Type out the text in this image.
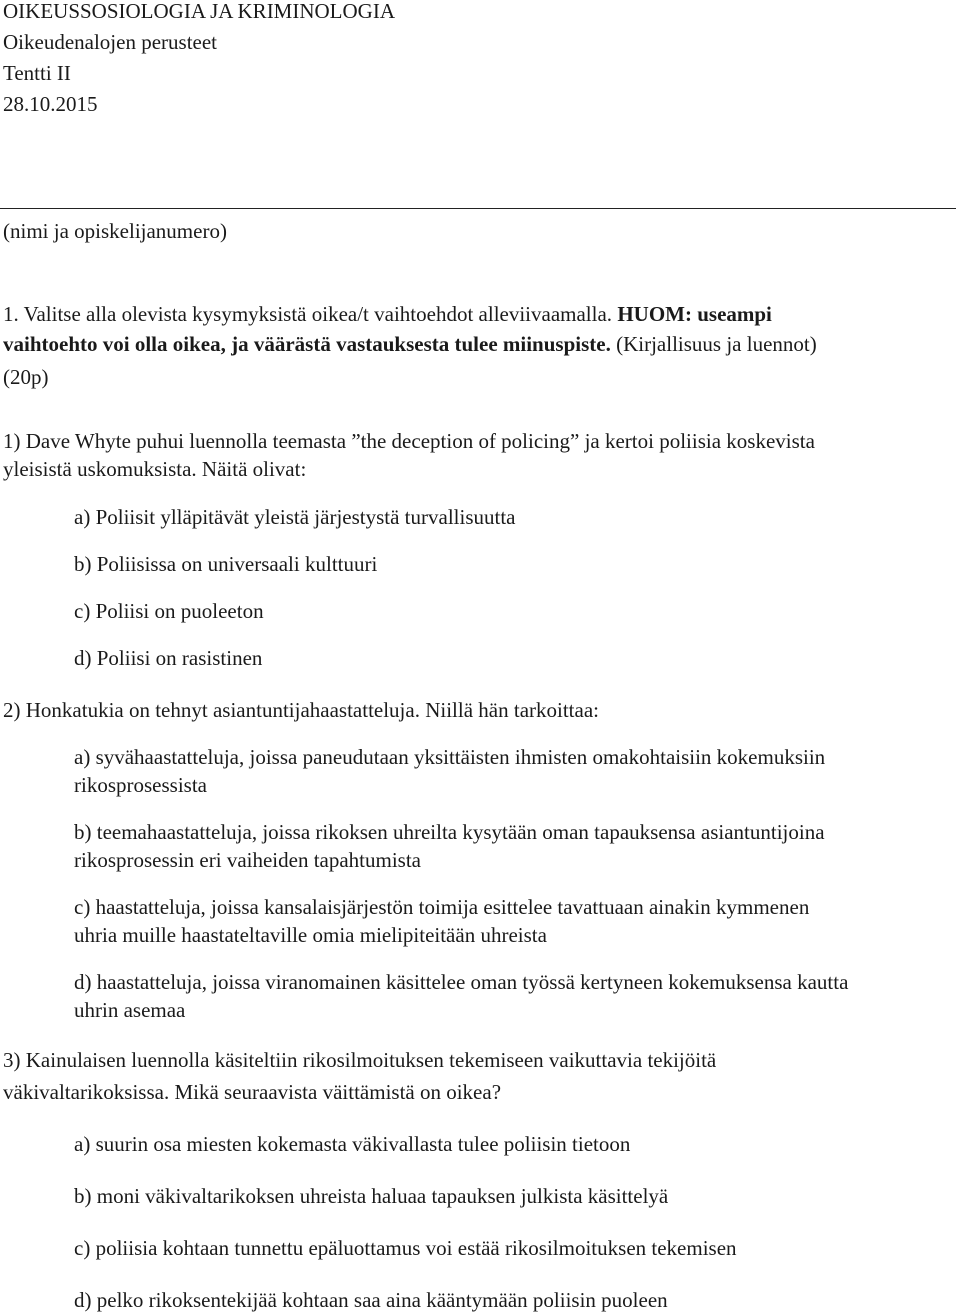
OIKEUSSOSIOLOGIA JA KRIMINOLOGIA
Oikeudenalojen perusteet
Tentti II
28.10.2015
(nimi ja opiskelijanumero)
1. Valitse alla olevista kysymyksistä oikea/t vaihtoehdot alleviivaamalla. HUOM: useampi
vaihtoehto voi olla oikea, ja väärästä vastauksesta tulee miinuspiste. (Kirjallisuus ja luennot)
(20p)
1) Dave Whyte puhui luennolla teemasta ”the deception of policing” ja kertoi poliisia koskevista
yleisistä uskomuksista. Näitä olivat:
a) Poliisit ylläpitävät yleistä järjestystä turvallisuutta
b) Poliisissa on universaali kulttuuri
c) Poliisi on puoleeton
d) Poliisi on rasistinen
2) Honkatukia on tehnyt asiantuntijahaastatteluja. Niillä hän tarkoittaa:
a) syvähaastatteluja, joissa paneudutaan yksittäisten ihmisten omakohtaisiin kokemuksiin
rikosprosessista
b) teemahaastatteluja, joissa rikoksen uhreilta kysytään oman tapauksensa asiantuntijoina
rikosprosessin eri vaiheiden tapahtumista
c) haastatteluja, joissa kansalaisjärjestön toimija esittelee tavattuaan ainakin kymmenen
uhria muille haastateltaville omia mielipiteitään uhreista
d) haastatteluja, joissa viranomainen käsittelee oman työssä kertyneen kokemuksensa kautta
uhrin asemaa
3) Kainulaisen luennolla käsiteltiin rikosilmoituksen tekemiseen vaikuttavia tekijöitä
väkivaltarikoksissa. Mikä seuraavista väittämistä on oikea?
a) suurin osa miesten kokemasta väkivallasta tulee poliisin tietoon
b) moni väkivaltarikoksen uhreista haluaa tapauksen julkista käsittelyä
c) poliisia kohtaan tunnettu epäluottamus voi estää rikosilmoituksen tekemisen
d) pelko rikoksentekijää kohtaan saa aina kääntymään poliisin puoleen
